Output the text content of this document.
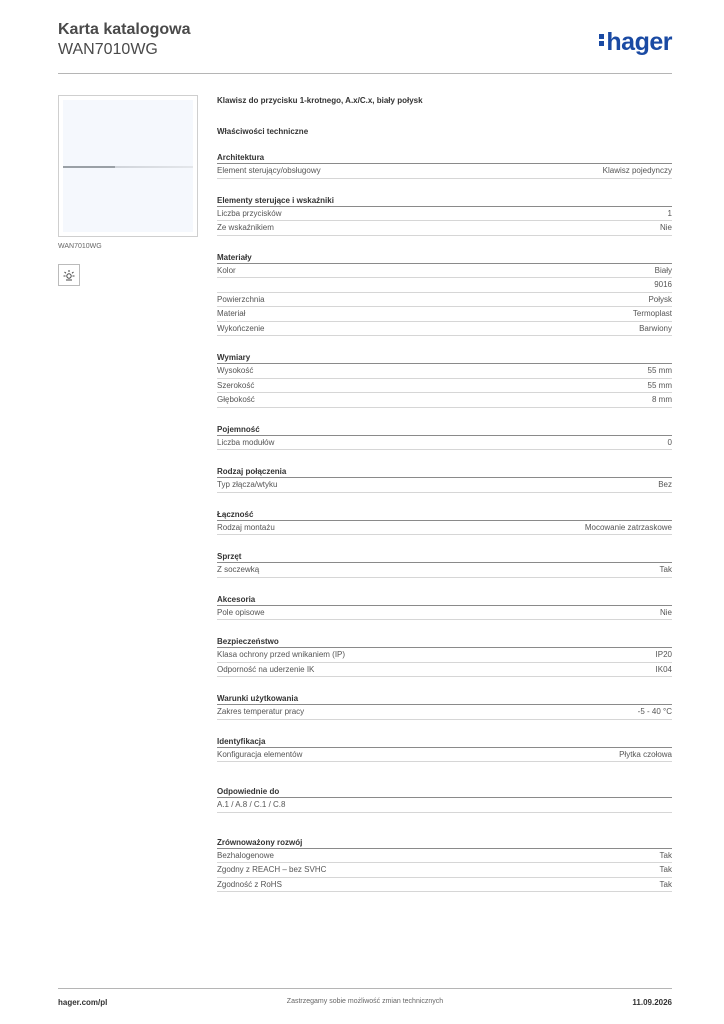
Karta katalogowa
WAN7010WG	hager
WAN7010WG
Klawisz do przycisku 1-krotnego, A.x/C.x, biały połysk
Właściwości techniczne
Architektura
Element sterujący/obsługowy	Klawisz pojedynczy
Elementy sterujące i wskaźniki
Liczba przycisków	1
Ze wskaźnikiem	Nie
Materiały
Kolor	Biały
9016
Powierzchnia	Połysk
Materiał	Termoplast
Wykończenie	Barwiony
Wymiary
Wysokość	55 mm
Szerokość	55 mm
Głębokość	8 mm
Pojemność
Liczba modułów	0
Rodzaj połączenia
Typ złącza/wtyku	Bez
Łączność
Rodzaj montażu	Mocowanie zatrzaskowe
Sprzęt
Z soczewką	Tak
Akcesoria
Pole opisowe	Nie
Bezpieczeństwo
Klasa ochrony przed wnikaniem (IP)	IP20
Odporność na uderzenie IK	IK04
Warunki użytkowania
Zakres temperatur pracy	-5 - 40 °C
Identyfikacja
Konfiguracja elementów	Płytka czołowa
Odpowiednie do
A.1 / A.8 / C.1 / C.8
Zrównoważony rozwój
Bezhalogenowe	Tak
Zgodny z REACH – bez SVHC	Tak
Zgodność z RoHS	Tak
hager.com/pl	Zastrzegamy sobie możliwość zmian technicznych	11.09.2026
